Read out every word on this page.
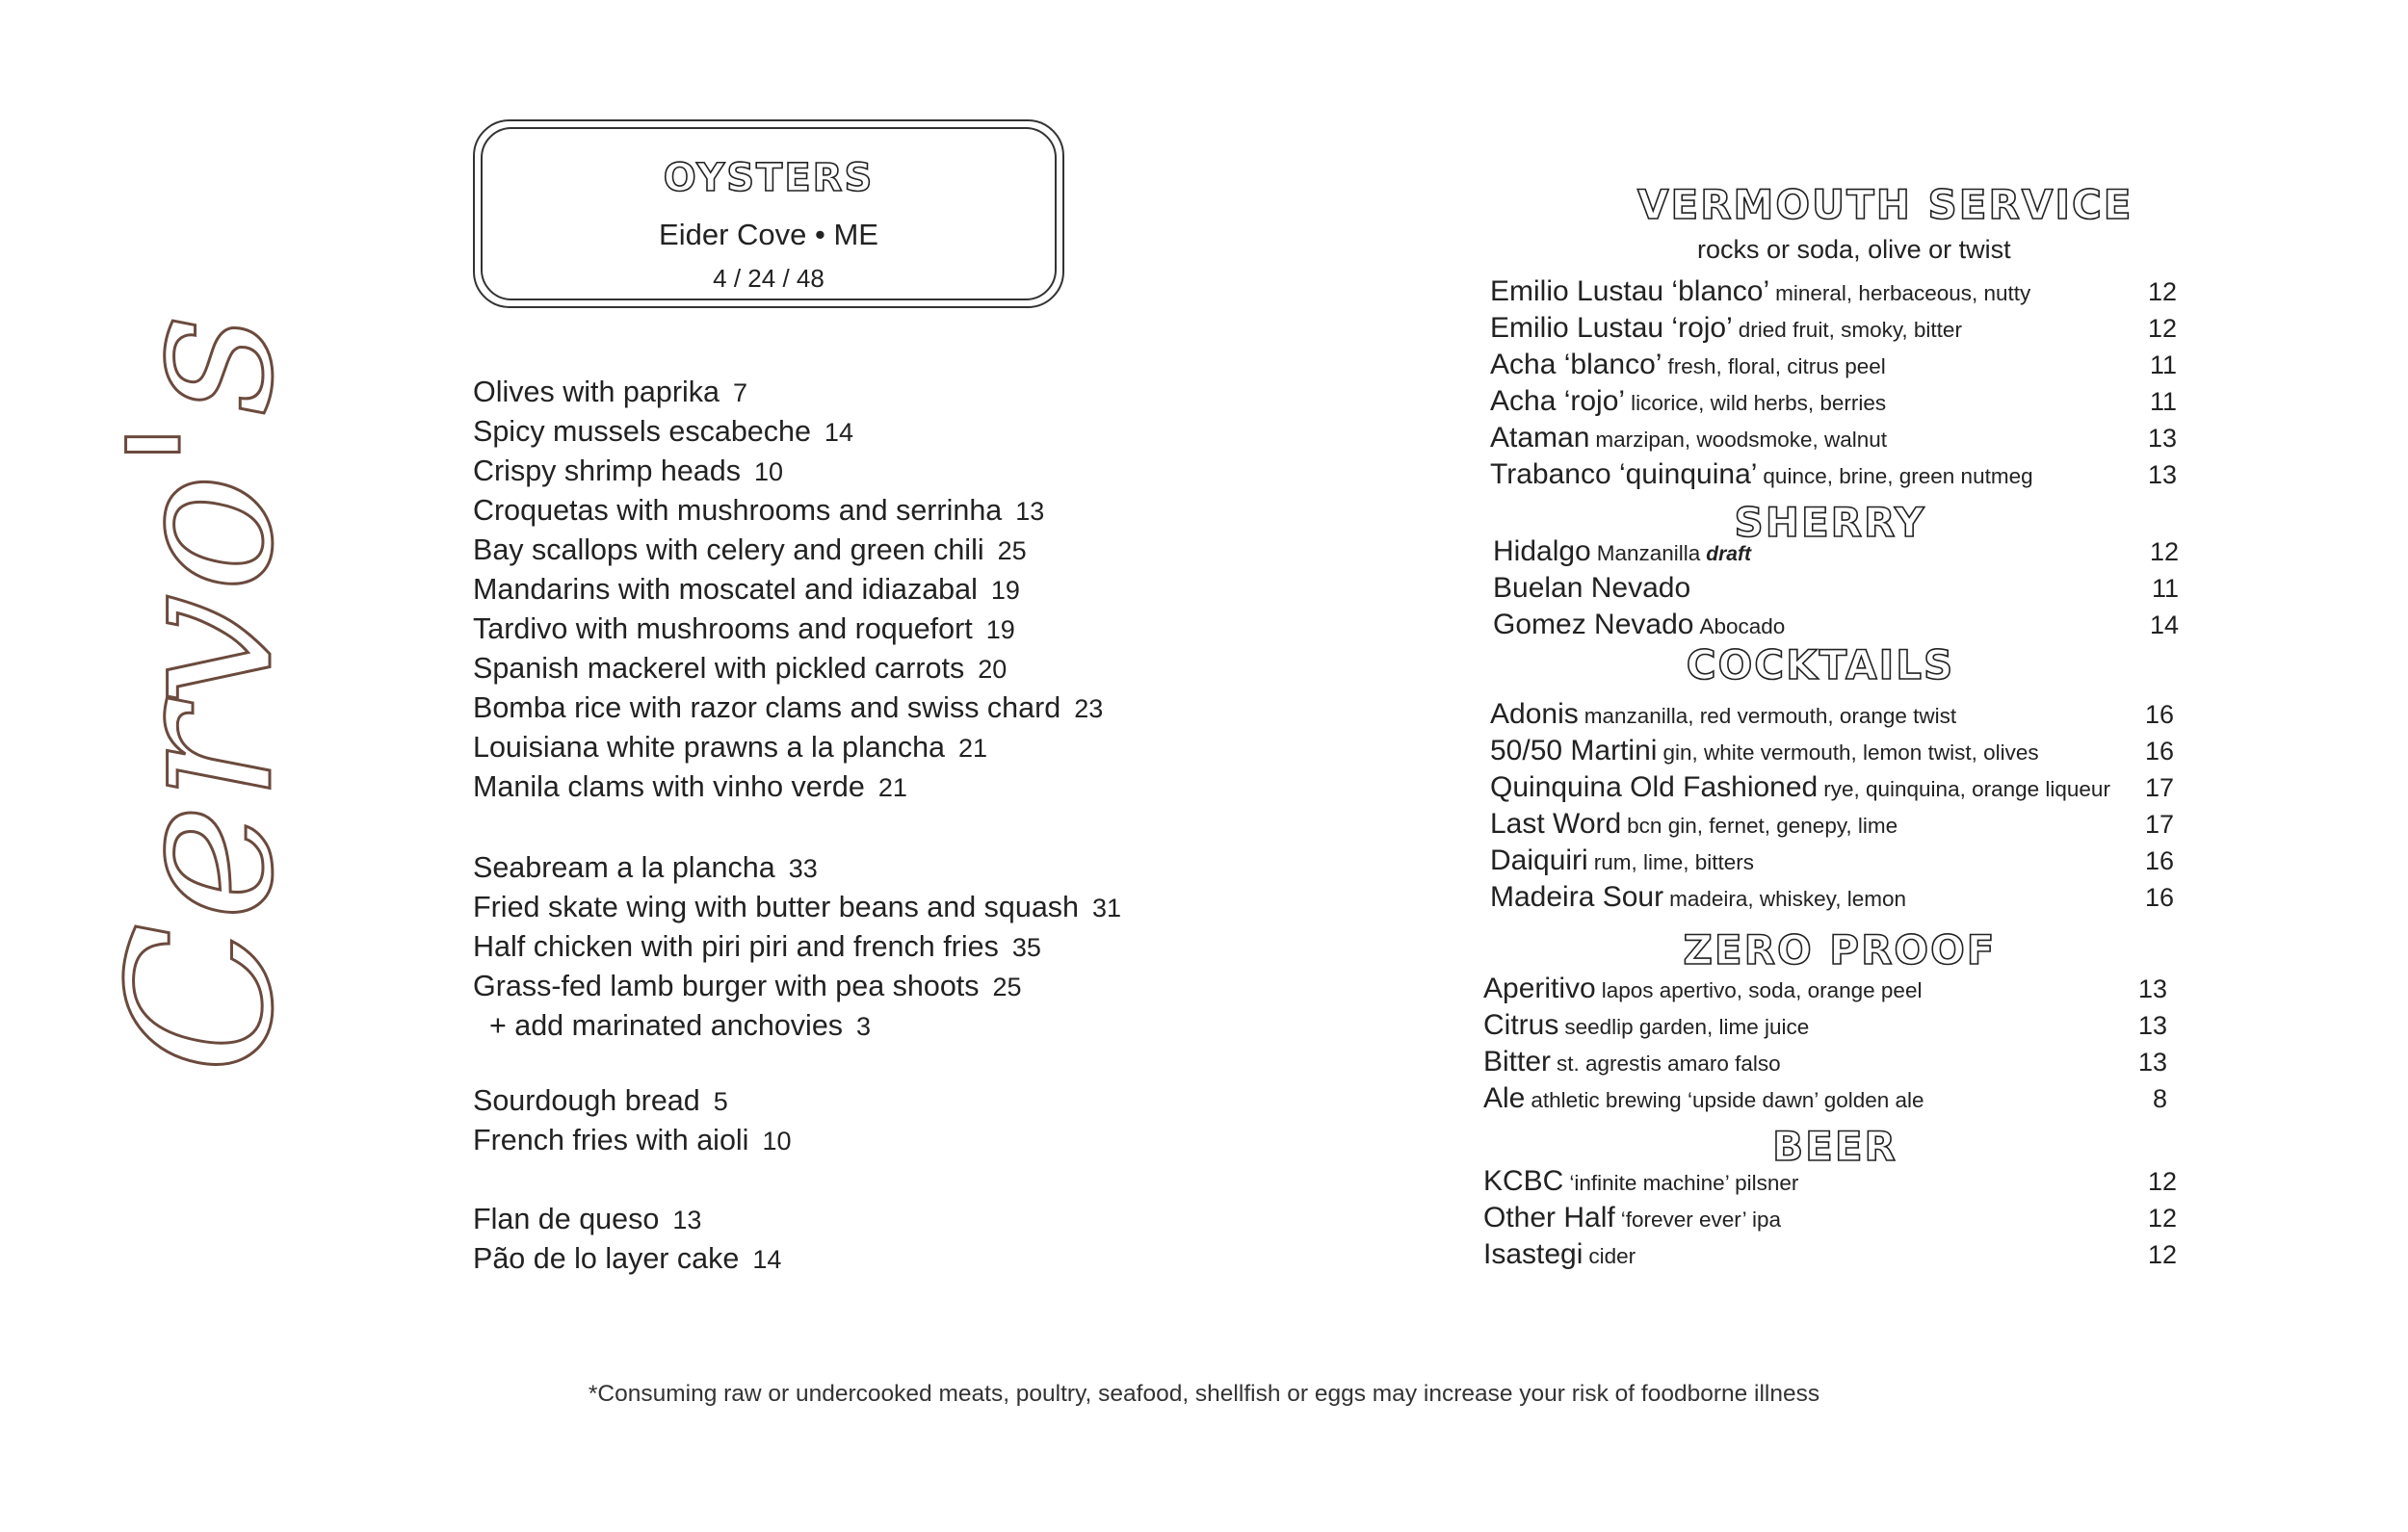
Cervo's
OYSTERS
Eider Cove • ME
4 / 24 / 48
Olives with paprika 7
Spicy mussels escabeche 14
Crispy shrimp heads 10
Croquetas with mushrooms and serrinha 13
Bay scallops with celery and green chili 25
Mandarins with moscatel and idiazabal 19
Tardivo with mushrooms and roquefort 19
Spanish mackerel with pickled carrots 20
Bomba rice with razor clams and swiss chard 23
Louisiana white prawns a la plancha 21
Manila clams with vinho verde 21
Seabream a la plancha 33
Fried skate wing with butter beans and squash 31
Half chicken with piri piri and french fries 35
Grass-fed lamb burger with pea shoots 25
+ add marinated anchovies 3
Sourdough bread 5
French fries with aioli 10
Flan de queso 13
Pão de lo layer cake 14
VERMOUTH SERVICE
rocks or soda, olive or twist
Emilio Lustau ‘blanco’ mineral, herbaceous, nutty	12
Emilio Lustau ‘rojo’ dried fruit, smoky, bitter	12
Acha ‘blanco’ fresh, floral, citrus peel	11
Acha ‘rojo’ licorice, wild herbs, berries	11
Ataman marzipan, woodsmoke, walnut	13
Trabanco ‘quinquina’ quince, brine, green nutmeg	13
SHERRY
Hidalgo Manzanilla draft	12
Buelan Nevado	11
Gomez Nevado Abocado	14
COCKTAILS
Adonis manzanilla, red vermouth, orange twist	16
50/50 Martini gin, white vermouth, lemon twist, olives	16
Quinquina Old Fashioned rye, quinquina, orange liqueur	17
Last Word bcn gin, fernet, genepy, lime	17
Daiquiri rum, lime, bitters	16
Madeira Sour madeira, whiskey, lemon	16
ZERO PROOF
Aperitivo lapos apertivo, soda, orange peel	13
Citrus seedlip garden, lime juice	13
Bitter st. agrestis amaro falso	13
Ale athletic brewing ‘upside dawn’ golden ale	8
BEER
KCBC ‘infinite machine’ pilsner	12
Other Half ‘forever ever’ ipa	12
Isastegi cider	12
*Consuming raw or undercooked meats, poultry, seafood, shellfish or eggs may increase your risk of foodborne illness
